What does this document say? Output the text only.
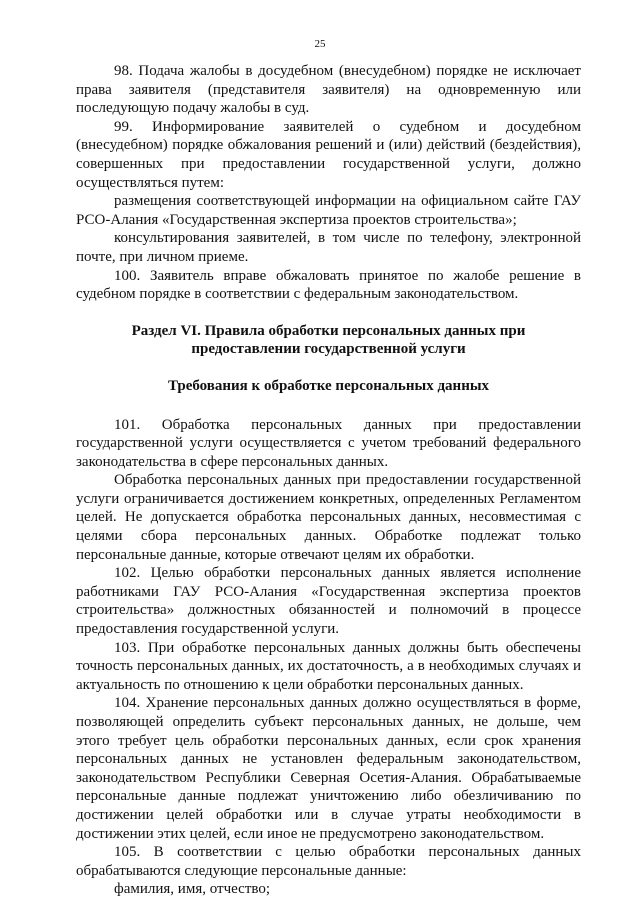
25

98. Подача жалобы в досудебном (внесудебном) порядке не исключает права заявителя (представителя заявителя) на одновременную или последующую подачу жалобы в суд.

99. Информирование заявителей о судебном и досудебном (внесудебном) порядке обжалования решений и (или) действий (бездействия), совершенных при предоставлении государственной услуги, должно осуществляться путем:

размещения соответствующей информации на официальном сайте ГАУ РСО-Алания «Государственная экспертиза проектов строительства»;

консультирования заявителей, в том числе по телефону, электронной почте, при личном приеме.

100. Заявитель вправе обжаловать принятое по жалобе решение в судебном порядке в соответствии с федеральным законодательством.

Раздел VI. Правила обработки персональных данных при предоставлении государственной услуги
Требования к обработке персональных данных

101. Обработка персональных данных при предоставлении государственной услуги осуществляется с учетом требований федерального законодательства в сфере персональных данных.

Обработка персональных данных при предоставлении государственной услуги ограничивается достижением конкретных, определенных Регламентом целей. Не допускается обработка персональных данных, несовместимая с целями сбора персональных данных. Обработке подлежат только персональные данные, которые отвечают целям их обработки.

102. Целью обработки персональных данных является исполнение работниками ГАУ РСО-Алания «Государственная экспертиза проектов строительства» должностных обязанностей и полномочий в процессе предоставления государственной услуги.

103. При обработке персональных данных должны быть обеспечены точность персональных данных, их достаточность, а в необходимых случаях и актуальность по отношению к цели обработки персональных данных.

104. Хранение персональных данных должно осуществляться в форме, позволяющей определить субъект персональных данных, не дольше, чем этого требует цель обработки персональных данных, если срок хранения персональных данных не установлен федеральным законодательством, законодательством Республики Северная Осетия-Алания. Обрабатываемые персональные данные подлежат уничтожению либо обезличиванию по достижении целей обработки или в случае утраты необходимости в достижении этих целей, если иное не предусмотрено законодательством.

105. В соответствии с целью обработки персональных данных обрабатываются следующие персональные данные:

фамилия, имя, отчество;
